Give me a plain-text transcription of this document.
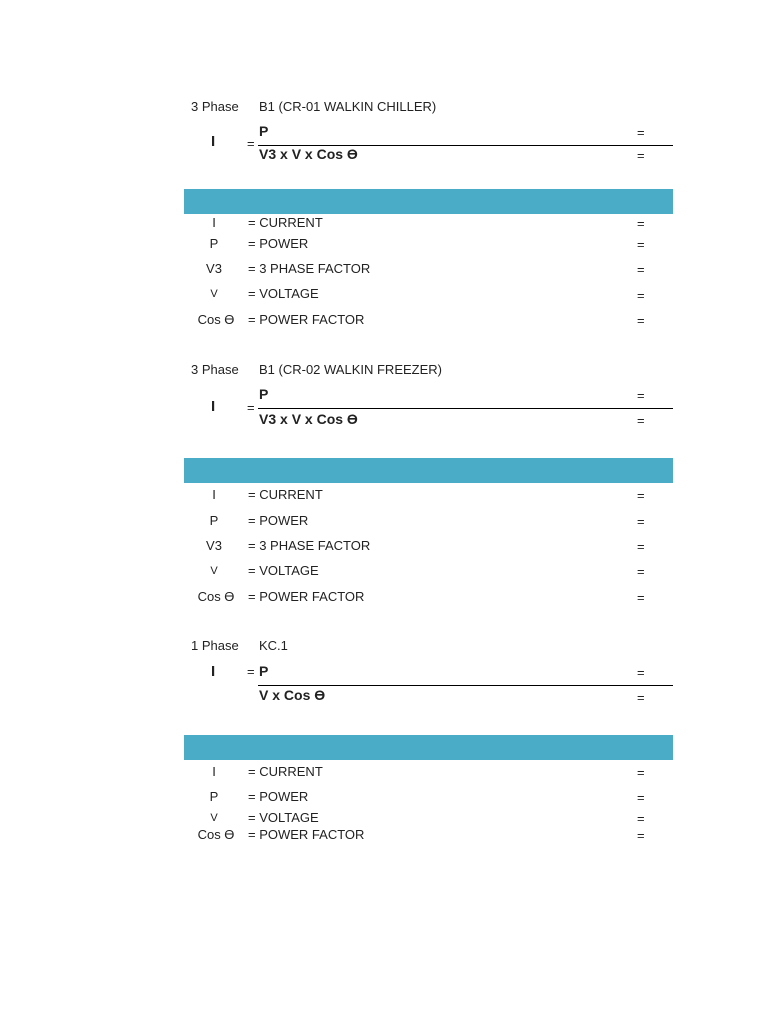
3 Phase B1 (CR-01 WALKIN CHILLER)
I =
P
V3 x V x Cos ϴ
=
=
I	= CURRENT	=
P	= POWER	=
V3	= 3 PHASE FACTOR	=
V	= VOLTAGE	=
Cos ϴ	= POWER FACTOR	=
3 Phase B1 (CR-02 WALKIN FREEZER)
I =
P
V3 x V x Cos ϴ
=
=
I	= CURRENT	=
P	= POWER	=
V3	= 3 PHASE FACTOR	=
V	= VOLTAGE	=
Cos ϴ	= POWER FACTOR	=
1 Phase KC.1
I = P
V x Cos ϴ
=
=
I	= CURRENT	=
P	= POWER	=
V	= VOLTAGE	=
Cos ϴ	= POWER FACTOR	=
